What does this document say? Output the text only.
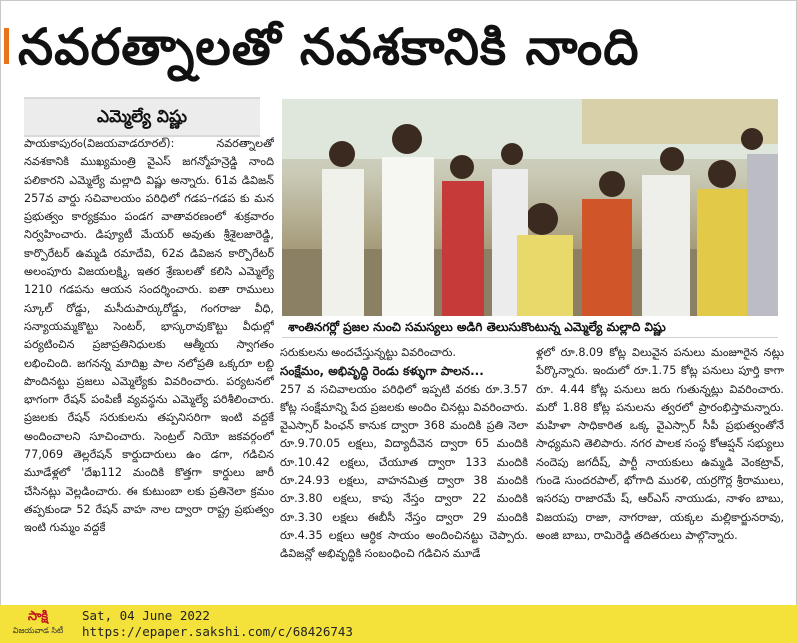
నవరత్నాలతో నవశకానికి నాంది
ఎమ్మెల్యే విష్ణు

పాయకాపురం(విజయవాడరూరల్): నవరత్నాలతో నవశకానికి ముఖ్యమంత్రి వైఎస్ జగన్మోహన్రెడ్డి నాంది పలికారని ఎమ్మెల్యే మల్లాది విష్ణు అన్నారు. 61వ డివిజన్ 257వ వార్డు సచివాలయం పరిధిలో గడప–గడప కు మన ప్రభుత్వం కార్యక్రమం పండగ వాతావరణంలో శుక్రవారం నిర్వహించారు. డిప్యూటీ మేయర్ అవుతు శ్రీశైలజారెడ్డి, కార్పొరేటర్ ఉమ్మడి రమాదేవి, 62వ డివిజన కార్పొరేటర్ అలంపూరు విజయలక్ష్మి, ఇతర శ్రేణులతో కలిసి ఎమ్మెల్యే 1210 గడపను ఆయన సందర్శించారు. ఐతా రాములు స్కూల్ రోడ్డు, మసీదుపార్కురోడ్డు, గంగరాజు వీధి, సన్యాయమ్మకొట్టు సెంటర్, భాస్కరావుకొట్టు వీధుల్లో పర్యటించిన ప్రజాప్రతినిధులకు ఆత్మీయ స్వాగతం లభించింది. జగనన్న మాదిఖ్ర పాల నలోప్రతి ఒక్కరూ లబ్ది పొందినట్టు ప్రజలు ఎమ్మెల్యేకు వివరించారు. పర్యటనలో భాగంగా రేషన్ పంపిణీ వ్యవస్థను ఎమ్మెల్యే పరిశీలించారు. ప్రజలకు రేషన్ సరుకులను తప్పనిసరిగా ఇంటి వద్దకే అందించాలని సూచించారు. సెంట్రల్ నియో జకవర్గంలో 77,069 తెల్లరేషన్ కార్డుదారులు ఉం డగా, గడిచిన మూడేళ్లలో 'దేఖ112 మందికి కొత్తగా కార్డులు జారీ చేసినట్లు వెల్లడించారు. ఈ కుటుంబా లకు ప్రతినెలా క్రమం తప్పకుండా 52 రేషన్ వాహ నాల ద్వారా రాష్ట్ర ప్రభుత్వం ఇంటి గుమ్మం వద్దకే

శాంతినగర్లో ప్రజల నుంచి సమస్యలు అడిగి తెలుసుకొంటున్న ఎమ్మెల్యే మల్లాది విష్ణు

సరుకులను అందచేస్తున్నట్టు వివరించారు.

సంక్షేమం, అభివృద్ధి రెండు కళ్ళుగా పాలన...

257 వ సచివాలయం పరిధిలో ఇప్పటి వరకు రూ.3.57 కోట్ల సంక్షేమాన్ని పేద ప్రజలకు అందిం చినట్లు వివరించారు. వైఎస్సార్ పింఛన్ కానుక ద్వారా 368 మందికి ప్రతి నెలా రూ.9.70.05 లక్షలు, విద్యాదీవెన ద్వారా 65 మందికి రూ.10.42 లక్షలు, చేయూత ద్వారా 133 మందికి రూ.24.93 లక్షలు, వాహనమిత్ర ద్వారా 38 మందికి రూ.3.80 లక్షలు, కాపు నేస్తం ద్వారా 22 మందికి రూ.3.30 లక్షలు ఈబీసీ నేస్తం ద్వారా 29 మందికి రూ.4.35 లక్షలు ఆర్ధిక సాయం అందించినట్టు చెప్పారు. డివిజన్లో అభివృద్ధికి సంబంధించి గడిచిన మూడే

ళ్లలో రూ.8.09 కోట్ల విలువైన పనులు మంజూరైన నట్లు పేర్కొన్నారు. ఇందులో రూ.1.75 కోట్ల పనులు పూర్తి కాగా రూ. 4.44 కోట్ల పనులు జరు గుతున్నట్లు వివరించారు. మరో 1.88 కోట్ల పనులను త్వరలో ప్రారంభిస్తామన్నారు. మహిళా సాధికారిత ఒక్క వైఎస్సార్ సీపీ ప్రభుత్వంతోనే సాధ్యమని తెలిపారు. నగర పాలక సంస్థ కోఆప్షన్ సభ్యులు నందెపు జగదీష్, పార్టీ నాయకులు ఉమ్మడి వెంకట్రావ్, గుండె సుందరపాల్, భోగాది మురళి, యర్రగొర్ల శ్రీరాములు, ఇసరపు రాజారమే ష్, ఆర్ఎస్ నాయుడు, నాళం బాబు, విజయపు రాజా, నాగరాజు, యక్కల మల్లికార్జునరావు, అంజి బాబు, రామిరెడ్డి తదితరులు పాల్గొన్నారు.

సాక్షి
విజయవాడ సిటీ
Sat, 04 June 2022
https://epaper.sakshi.com/c/68426743
